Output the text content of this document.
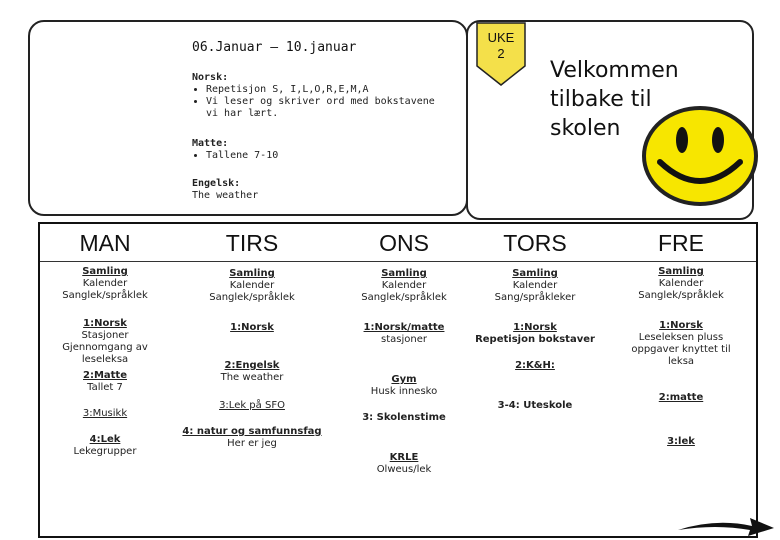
06.Januar – 10.januar
Norsk:
• Repetisjon S, I,L,O,R,E,M,A
• Vi leser og skriver ord med bokstavene vi har lært.
Matte:
• Tallene 7-10
Engelsk:
The weather
UKE
2
Velkommen
tilbake til
skolen
MAN
Samling
Kalender
Sanglek/språklek
1:Norsk
Stasjoner
Gjennomgang av leseleksa
2:Matte
Tallet 7
3:Musikk
4:Lek
Lekegrupper
TIRS
Samling
Kalender
Sanglek/språklek
1:Norsk
2:Engelsk
The weather
3:Lek på SFO
4: natur og samfunnsfag
Her er jeg
ONS
Samling
Kalender
Sanglek/språklek
1:Norsk/matte
stasjoner
Gym
Husk innesko
3: Skolenstime
KRLE
Olweus/lek
TORS
Samling
Kalender
Sang/språkleker
1:Norsk
Repetisjon bokstaver
2:K&H:
3-4: Uteskole
FRE
Samling
Kalender
Sanglek/språklek
1:Norsk
Leseleksen pluss
oppgaver knyttet til
leksa
2:matte
3:lek
